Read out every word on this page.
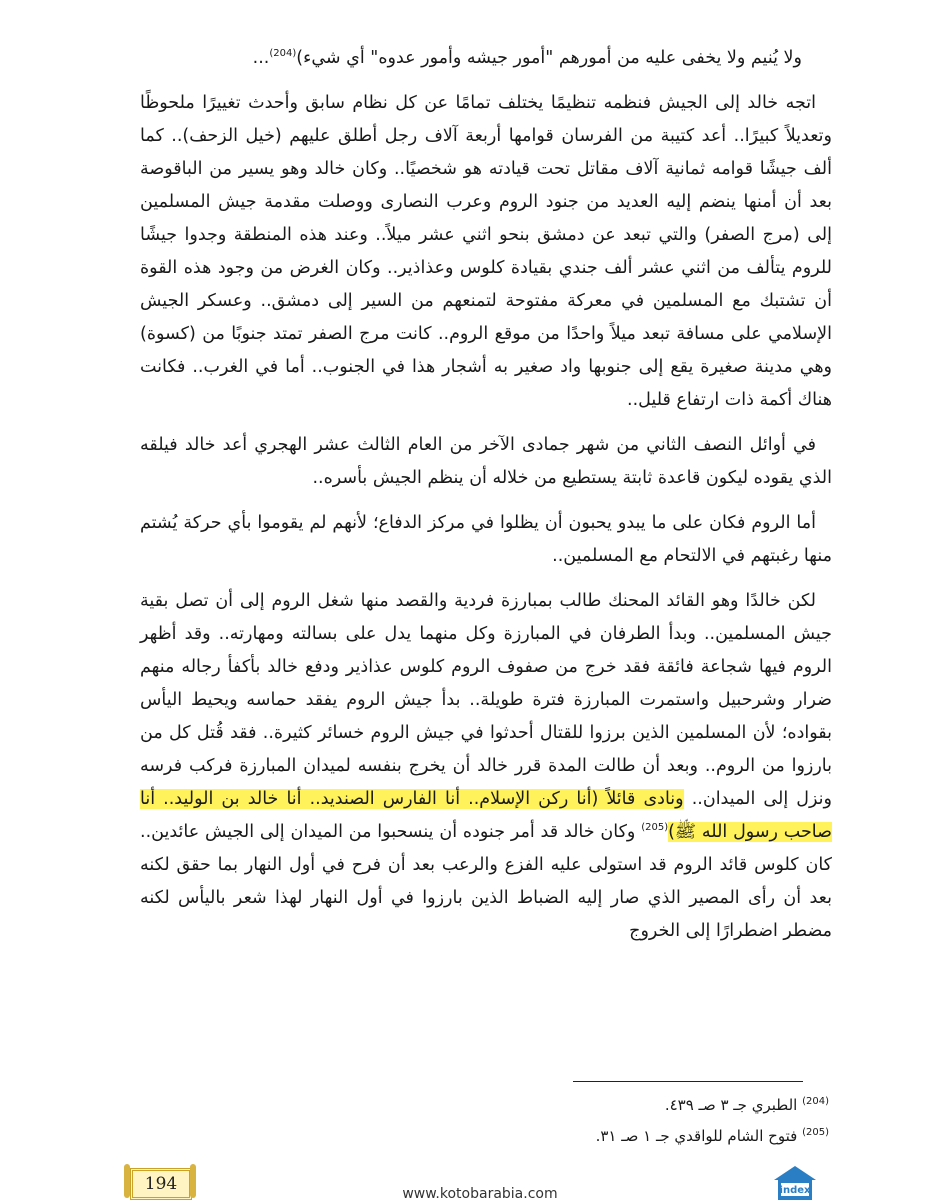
ولا يُنيم ولا يخفى عليه من أمورهم "أمور جيشه وأمور عدوه" أي شيء)$^{(204)}$...

اتجه خالد إلى الجيش فنظمه تنظيمًا يختلف تمامًا عن كل نظام سابق وأحدث تغييرًا ملحوظًا وتعديلاً كبيرًا.. أعد كتيبة من الفرسان قوامها أربعة آلاف رجل أطلق عليهم (خيل الزحف).. كما ألف جيشًا قوامه ثمانية آلاف مقاتل تحت قيادته هو شخصيًا.. وكان خالد وهو يسير من الباقوصة بعد أن أمنها ينضم إليه العديد من جنود الروم وعرب النصارى ووصلت مقدمة جيش المسلمين إلى (مرج الصفر) والتي تبعد عن دمشق بنحو اثني عشر ميلاً.. وعند هذه المنطقة وجدوا جيشًا للروم يتألف من اثني عشر ألف جندي بقيادة كلوس وعذاذير.. وكان الغرض من وجود هذه القوة أن تشتبك مع المسلمين في معركة مفتوحة لتمنعهم من السير إلى دمشق.. وعسكر الجيش الإسلامي على مسافة تبعد ميلاً واحدًا من موقع الروم.. كانت مرج الصفر تمتد جنوبًا من (كسوة) وهي مدينة صغيرة يقع إلى جنوبها واد صغير به أشجار هذا في الجنوب.. أما في الغرب.. فكانت هناك أكمة ذات ارتفاع قليل..

في أوائل النصف الثاني من شهر جمادى الآخر من العام الثالث عشر الهجري أعد خالد فيلقه الذي يقوده ليكون قاعدة ثابتة يستطيع من خلاله أن ينظم الجيش بأسره..

أما الروم فكان على ما يبدو يحبون أن يظلوا في مركز الدفاع؛ لأنهم لم يقوموا بأي حركة يُشتم منها رغبتهم في الالتحام مع المسلمين..

لكن خالدًا وهو القائد المحنك طالب بمبارزة فردية والقصد منها شغل الروم إلى أن تصل بقية جيش المسلمين.. وبدأ الطرفان في المبارزة وكل منهما يدل على بسالته ومهارته.. وقد أظهر الروم فيها شجاعة فائقة فقد خرج من صفوف الروم كلوس عذاذير ودفع خالد بأكفأ رجاله منهم ضرار وشرحبيل واستمرت المبارزة فترة طويلة.. بدأ جيش الروم يفقد حماسه ويحيط اليأس بقواده؛ لأن المسلمين الذين برزوا للقتال أحدثوا في جيش الروم خسائر كثيرة.. فقد قُتل كل من بارزوا من الروم.. وبعد أن طالت المدة قرر خالد أن يخرج بنفسه لميدان المبارزة فركب فرسه ونزل إلى الميدان.. ونادى قائلاً (أنا ركن الإسلام.. أنا الفارس الصنديد.. أنا خالد بن الوليد.. أنا صاحب رسول الله ﷺ)$^{(205)}$ وكان خالد قد أمر جنوده أن ينسحبوا من الميدان إلى الجيش عائدين.. كان كلوس قائد الروم قد استولى عليه الفزع والرعب بعد أن فرح في أول النهار بما حقق لكنه بعد أن رأى المصير الذي صار إليه الضباط الذين بارزوا في أول النهار لهذا شعر باليأس لكنه مضطر اضطرارًا إلى الخروج

$^{(204)}$ الطبري جـ ٣ صـ ٤٣٩.

$^{(205)}$ فتوح الشام للواقدي جـ ١ صـ ٣١.

194	www.kotobarabia.com	index
